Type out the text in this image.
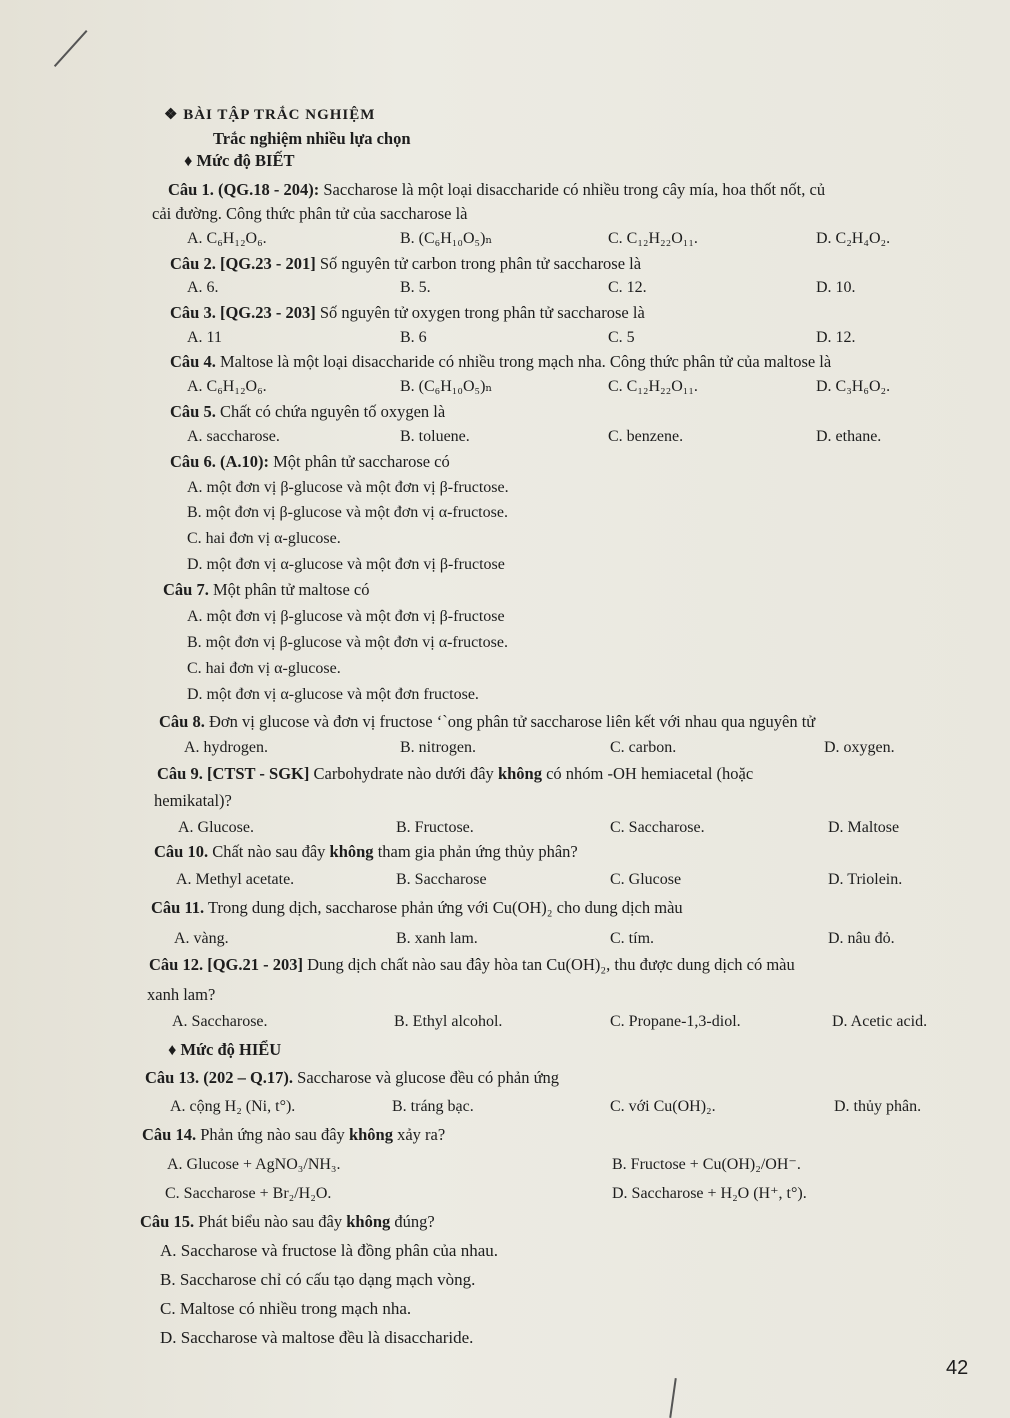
❖ BÀI TẬP TRẮC NGHIỆM
Trắc nghiệm nhiều lựa chọn
♦ Mức độ BIẾT
Câu 1. (QG.18 - 204): Saccharose là một loại disaccharide có nhiều trong cây mía, hoa thốt nốt, củ
cải đường. Công thức phân tử của saccharose là
A. C₆H₁₂O₆.	B. (C₆H₁₀O₅)ₙ	C. C₁₂H₂₂O₁₁.	D. C₂H₄O₂.
Câu 2. [QG.23 - 201] Số nguyên tử carbon trong phân tử saccharose là
A. 6.	B. 5.	C. 12.	D. 10.
Câu 3. [QG.23 - 203] Số nguyên tử oxygen trong phân tử saccharose là
A. 11	B. 6	C. 5	D. 12.
Câu 4. Maltose là một loại disaccharide có nhiều trong mạch nha. Công thức phân tử của maltose là
A. C₆H₁₂O₆.	B. (C₆H₁₀O₅)ₙ	C. C₁₂H₂₂O₁₁.	D. C₃H₆O₂.
Câu 5. Chất có chứa nguyên tố oxygen là
A. saccharose.	B. toluene.	C. benzene.	D. ethane.
Câu 6. (A.10): Một phân tử saccharose có
A. một đơn vị β-glucose và một đơn vị β-fructose.
B. một đơn vị β-glucose và một đơn vị α-fructose.
C. hai đơn vị α-glucose.
D. một đơn vị α-glucose và một đơn vị β-fructose
Câu 7. Một phân tử maltose có
A. một đơn vị β-glucose và một đơn vị β-fructose
B. một đơn vị β-glucose và một đơn vị α-fructose.
C. hai đơn vị α-glucose.
D. một đơn vị α-glucose và một đơn fructose.
Câu 8. Đơn vị glucose và đơn vị fructose ‘`ong phân tử saccharose liên kết với nhau qua nguyên tử
A. hydrogen.	B. nitrogen.	C. carbon.	D. oxygen.
Câu 9. [CTST - SGK] Carbohydrate nào dưới đây không có nhóm -OH hemiacetal (hoặc
hemikatal)?
A. Glucose.	B. Fructose.	C. Saccharose.	D. Maltose
Câu 10. Chất nào sau đây không tham gia phản ứng thủy phân?
A. Methyl acetate.	B. Saccharose	C. Glucose	D. Triolein.
Câu 11. Trong dung dịch, saccharose phản ứng với Cu(OH)₂ cho dung dịch màu
A. vàng.	B. xanh lam.	C. tím.	D. nâu đỏ.
Câu 12. [QG.21 - 203] Dung dịch chất nào sau đây hòa tan Cu(OH)₂, thu được dung dịch có màu
xanh lam?
A. Saccharose.	B. Ethyl alcohol.	C. Propane-1,3-diol.	D. Acetic acid.
♦ Mức độ HIỂU
Câu 13. (202 – Q.17). Saccharose và glucose đều có phản ứng
A. cộng H₂ (Ni, t°).	B. tráng bạc.	C. với Cu(OH)₂.	D. thủy phân.
Câu 14. Phản ứng nào sau đây không xảy ra?
A. Glucose + AgNO₃/NH₃.	B. Fructose + Cu(OH)₂/OH⁻.
C. Saccharose + Br₂/H₂O.	D. Saccharose + H₂O (H⁺, t°).
Câu 15. Phát biểu nào sau đây không đúng?
A. Saccharose và fructose là đồng phân của nhau.
B. Saccharose chỉ có cấu tạo dạng mạch vòng.
C. Maltose có nhiều trong mạch nha.
D. Saccharose và maltose đều là disaccharide.
42
